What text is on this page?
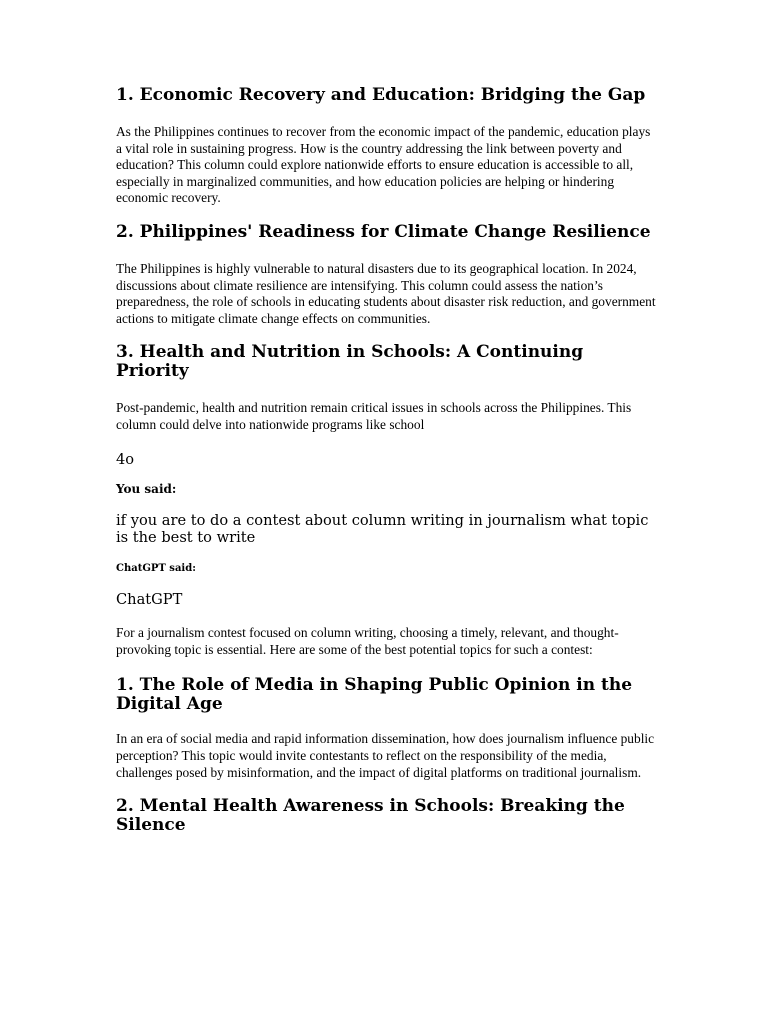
1. Economic Recovery and Education: Bridging the Gap

As the Philippines continues to recover from the economic impact of the pandemic, education plays a vital role in sustaining progress. How is the country addressing the link between poverty and education? This column could explore nationwide efforts to ensure education is accessible to all, especially in marginalized communities, and how education policies are helping or hindering economic recovery.

2. Philippines' Readiness for Climate Change Resilience

The Philippines is highly vulnerable to natural disasters due to its geographical location. In 2024, discussions about climate resilience are intensifying. This column could assess the nation’s preparedness, the role of schools in educating students about disaster risk reduction, and government actions to mitigate climate change effects on communities.

3. Health and Nutrition in Schools: A Continuing Priority

Post-pandemic, health and nutrition remain critical issues in schools across the Philippines. This column could delve into nationwide programs like school

4o
You said:
if you are to do a contest about column writing in journalism what topic is the best to write
ChatGPT said:
ChatGPT

For a journalism contest focused on column writing, choosing a timely, relevant, and thought-provoking topic is essential. Here are some of the best potential topics for such a contest:

1. The Role of Media in Shaping Public Opinion in the Digital Age

In an era of social media and rapid information dissemination, how does journalism influence public perception? This topic would invite contestants to reflect on the responsibility of the media, challenges posed by misinformation, and the impact of digital platforms on traditional journalism.

2. Mental Health Awareness in Schools: Breaking the Silence
